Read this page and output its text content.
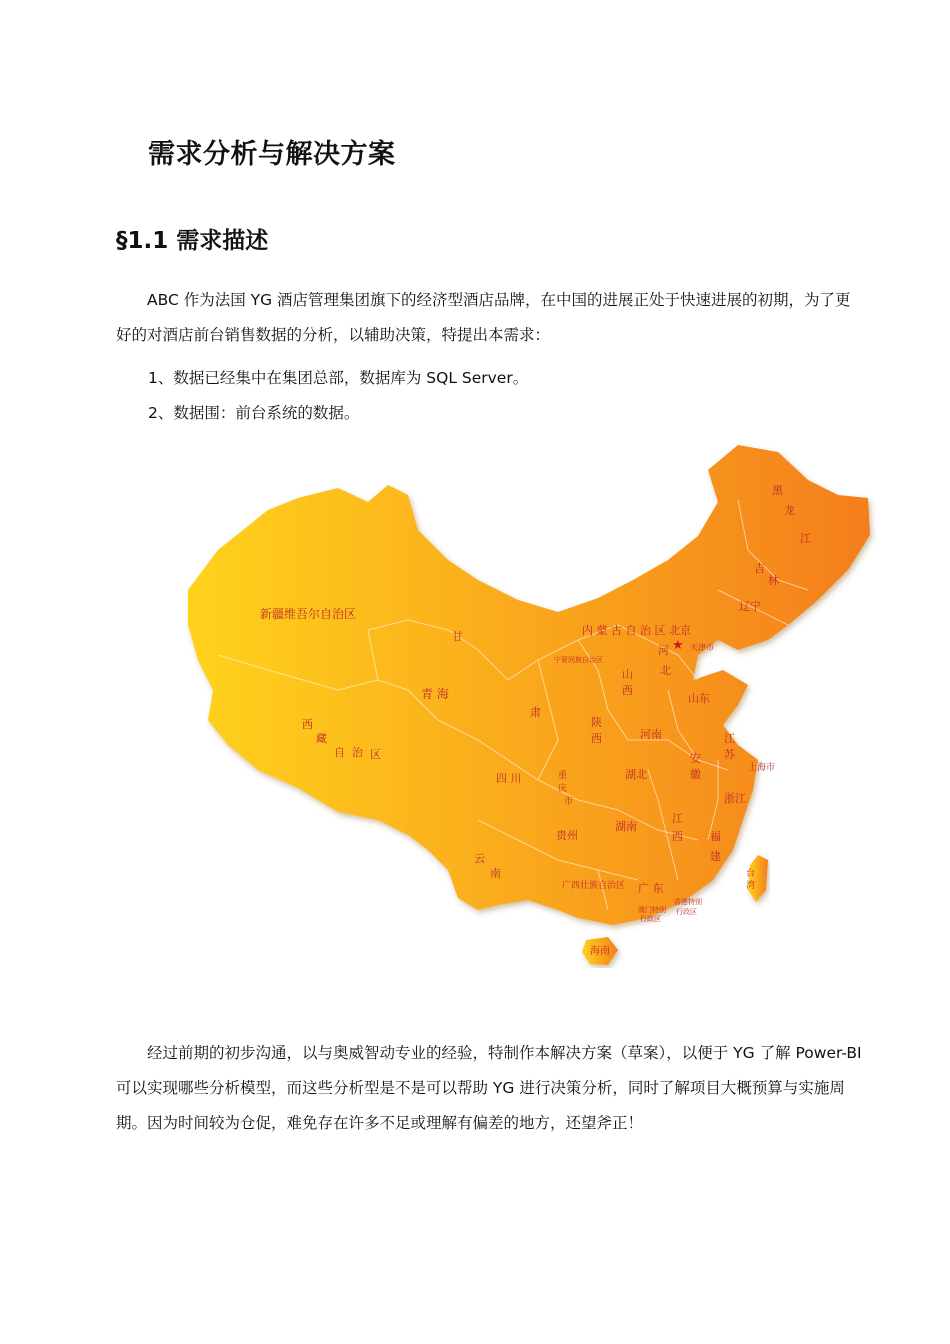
需求分析与解决方案
§1.1 需求描述

ABC 作为法国 YG 酒店管理集团旗下的经济型酒店品牌，在中国的进展正处于快速进展的初期，为了更好的对酒店前台销售数据的分析，以辅助决策，特提出本需求：

1、数据已经集中在集团总部，数据库为 SQL Server。
2、数据围：前台系统的数据。
新疆维吾尔自治区
西
藏
自 治 区
青 海
甘
肃
内 蒙 古 自 治 区
黑
龙
江
吉
林
辽宁
★
北京
天津市
河
北
山
西
宁夏回族自治区
陕
西
山东
河南	江
苏
安
徽	上海市
四 川	重
庆
市
湖北
浙江
贵州
湖南
江
西 福
建
云
南
广西壮族自治区 广 东
台
湾
澳门特别
行政区
香港特别
行政区
海南

经过前期的初步沟通，以与奥威智动专业的经验，特制作本解决方案（草案），以便于 YG 了解 Power-BI 可以实现哪些分析模型，而这些分析型是不是可以帮助 YG 进行决策分析，同时了解项目大概预算与实施周期。因为时间较为仓促，难免存在许多不足或理解有偏差的地方，还望斧正！
